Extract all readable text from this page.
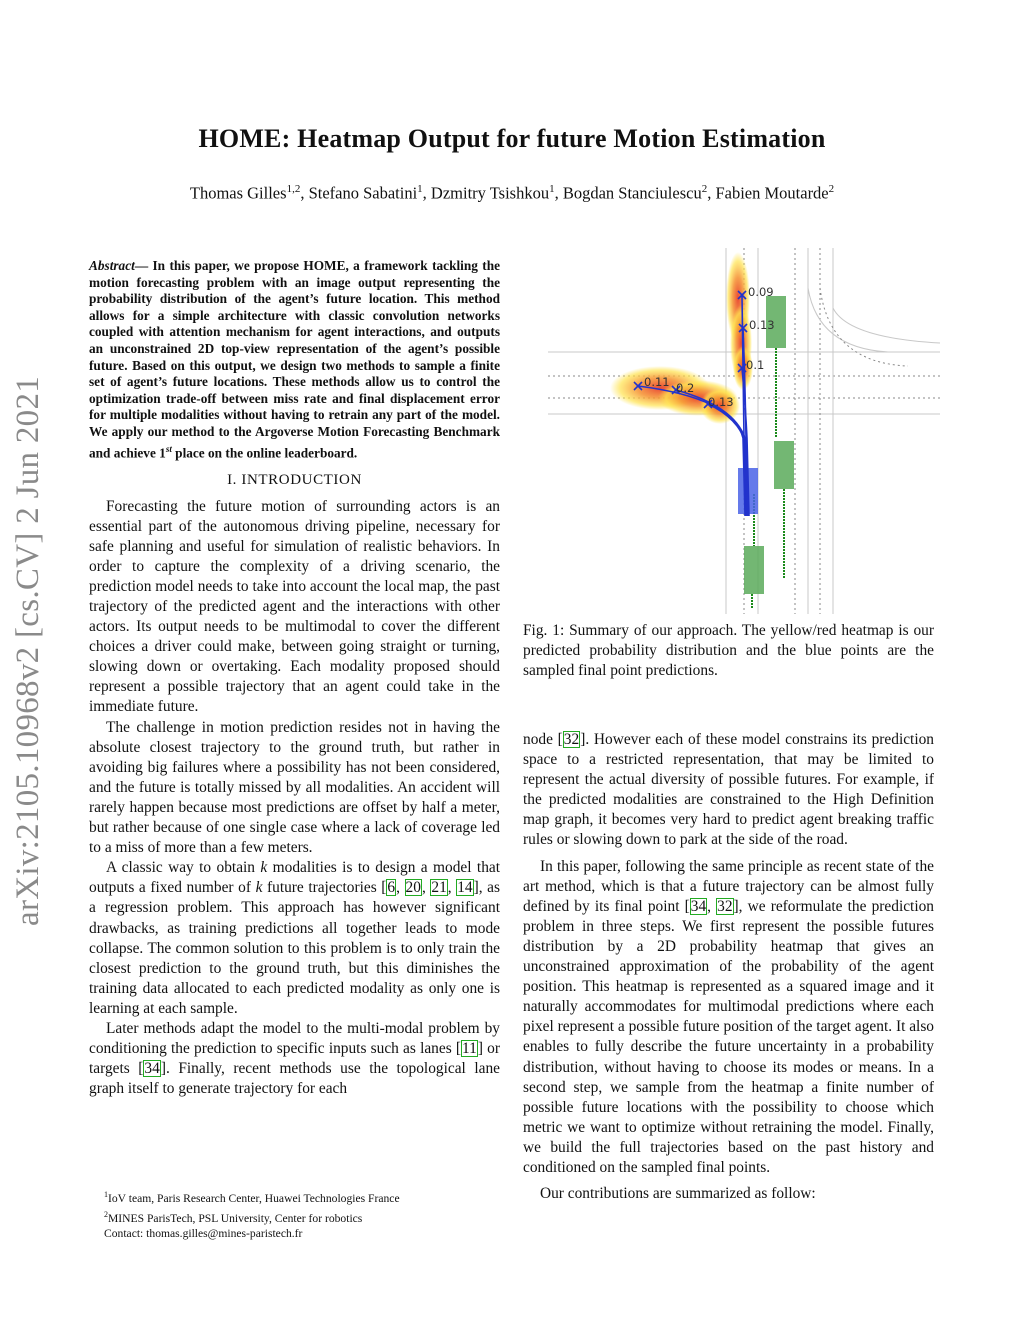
HOME: Heatmap Output for future Motion Estimation
Thomas Gilles$^{1,2}$, Stefano Sabatini$^1$, Dzmitry Tsishkou$^1$, Bogdan Stanciulescu$^2$, Fabien Moutarde$^2$
arXiv:2105.10968v2 [cs.CV] 2 Jun 2021
Abstract— In this paper, we propose HOME, a framework tackling the motion forecasting problem with an image output representing the probability distribution of the agent’s future location. This method allows for a simple architecture with classic convolution networks coupled with attention mechanism for agent interactions, and outputs an unconstrained 2D top-view representation of the agent’s possible future. Based on this output, we design two methods to sample a finite set of agent’s future locations. These methods allow us to control the optimization trade-off between miss rate and final displacement error for multiple modalities without having to retrain any part of the model. We apply our method to the Argoverse Motion Forecasting Benchmark and achieve 1st place on the online leaderboard.
I. INTRODUCTION

Forecasting the future motion of surrounding actors is an essential part of the autonomous driving pipeline, necessary for safe planning and useful for simulation of realistic behaviors. In order to capture the complexity of a driving scenario, the prediction model needs to take into account the local map, the past trajectory of the predicted agent and the interactions with other actors. Its output needs to be multimodal to cover the different choices a driver could make, between going straight or turning, slowing down or overtaking. Each modality proposed should represent a possible trajectory that an agent could take in the immediate future.

The challenge in motion prediction resides not in having the absolute closest trajectory to the ground truth, but rather in avoiding big failures where a possibility has not been considered, and the future is totally missed by all modalities. An accident will rarely happen because most predictions are offset by half a meter, but rather because of one single case where a lack of coverage led to a miss of more than a few meters.

A classic way to obtain k modalities is to design a model that outputs a fixed number of k future trajectories [6, 20, 21, 14], as a regression problem. This approach has however significant drawbacks, as training predictions all together leads to mode collapse. The common solution to this problem is to only train the closest prediction to the ground truth, but this diminishes the training data allocated to each predicted modality as only one is learning at each sample.

Later methods adapt the model to the multi-modal problem by conditioning the prediction to specific inputs such as lanes [11] or targets [34]. Finally, recent methods use the topological lane graph itself to generate trajectory for each

$^1$IoV team, Paris Research Center, Huawei Technologies France
$^2$MINES ParisTech, PSL University, Center for robotics
Contact: thomas.gilles@mines-paristech.fr
0.09
0.13
0.1
0.11 0.2
0.13
Fig. 1: Summary of our approach. The yellow/red heatmap is our predicted probability distribution and the blue points are the sampled final point predictions.

node [32]. However each of these model constrains its prediction space to a restricted representation, that may be limited to represent the actual diversity of possible futures. For example, if the predicted modalities are constrained to the High Definition map graph, it becomes very hard to predict agent breaking traffic rules or slowing down to park at the side of the road.

In this paper, following the same principle as recent state of the art method, which is that a future trajectory can be almost fully defined by its final point [34, 32], we reformulate the prediction problem in three steps. We first represent the possible futures distribution by a 2D probability heatmap that gives an unconstrained approximation of the probability of the agent position. This heatmap is represented as a squared image and it naturally accommodates for multimodal predictions where each pixel represent a possible future position of the target agent. It also enables to fully describe the future uncertainty in a probability distribution, without having to choose its modes or means. In a second step, we sample from the heatmap a finite number of possible future locations with the possibility to choose which metric we want to optimize without retraining the model. Finally, we build the full trajectories based on the past history and conditioned on the sampled final points.

Our contributions are summarized as follow:
